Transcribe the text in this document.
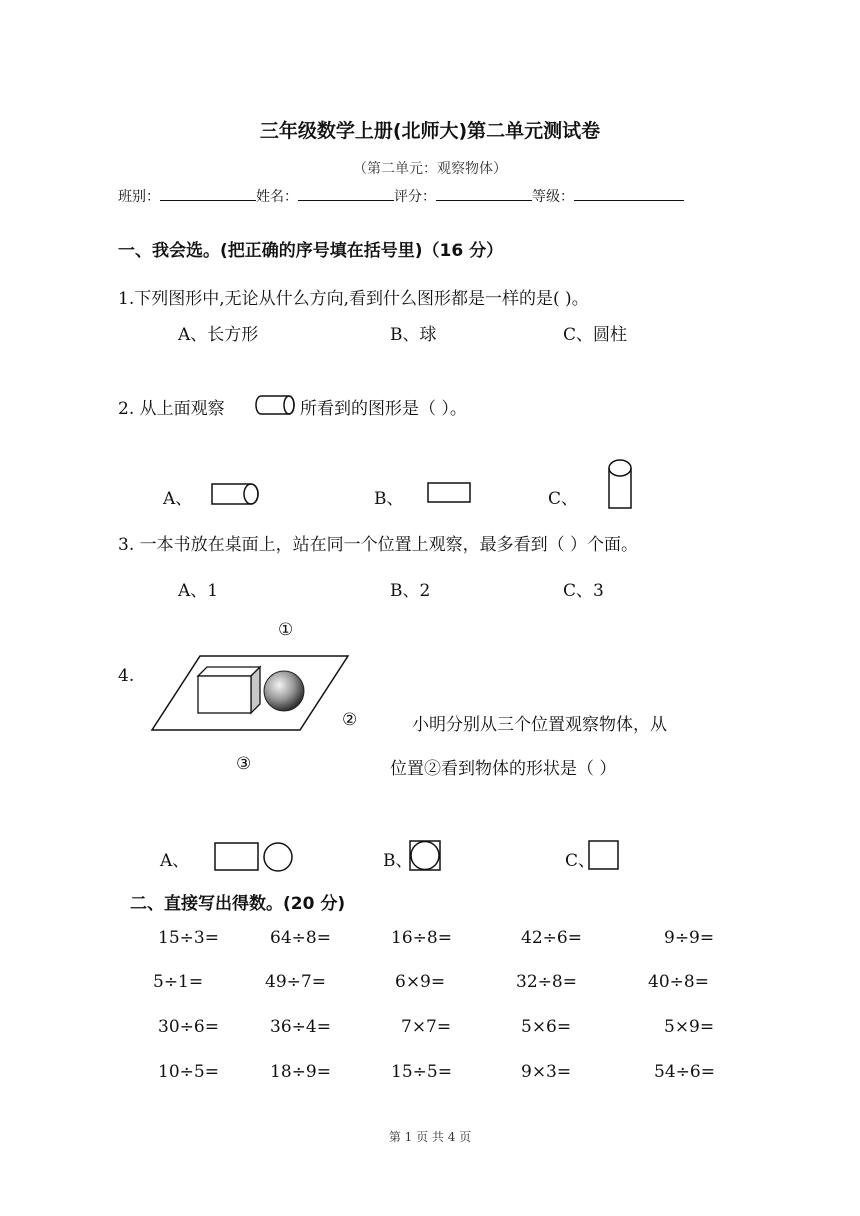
三年级数学上册(北师大)第二单元测试卷
（第二单元：观察物体）
班别：	姓名：	评分：	等级：
一、我会选。(把正确的序号填在括号里)（16 分）
1.下列图形中,无论从什么方向,看到什么图形都是一样的是( )。
A、长方形	B、球	C、圆柱
2. 从上面观察	所看到的图形是（ ）。
A、	B、	C、
3. 一本书放在桌面上，站在同一个位置上观察，最多看到（ ）个面。
A、1	B、2	C、3
①
4.
②	小明分别从三个位置观察物体，从
③	位置②看到物体的形状是（ ）
A、	B、	C、
二、直接写出得数。(20 分)
15÷3=	64÷8=	16÷8=	42÷6=	9÷9=
5÷1=	49÷7=	6×9=	32÷8=	40÷8=
30÷6=	36÷4=	7×7=	5×6=	5×9=
10÷5=	18÷9=	15÷5=	9×3=	54÷6=
第 1 页 共 4 页
